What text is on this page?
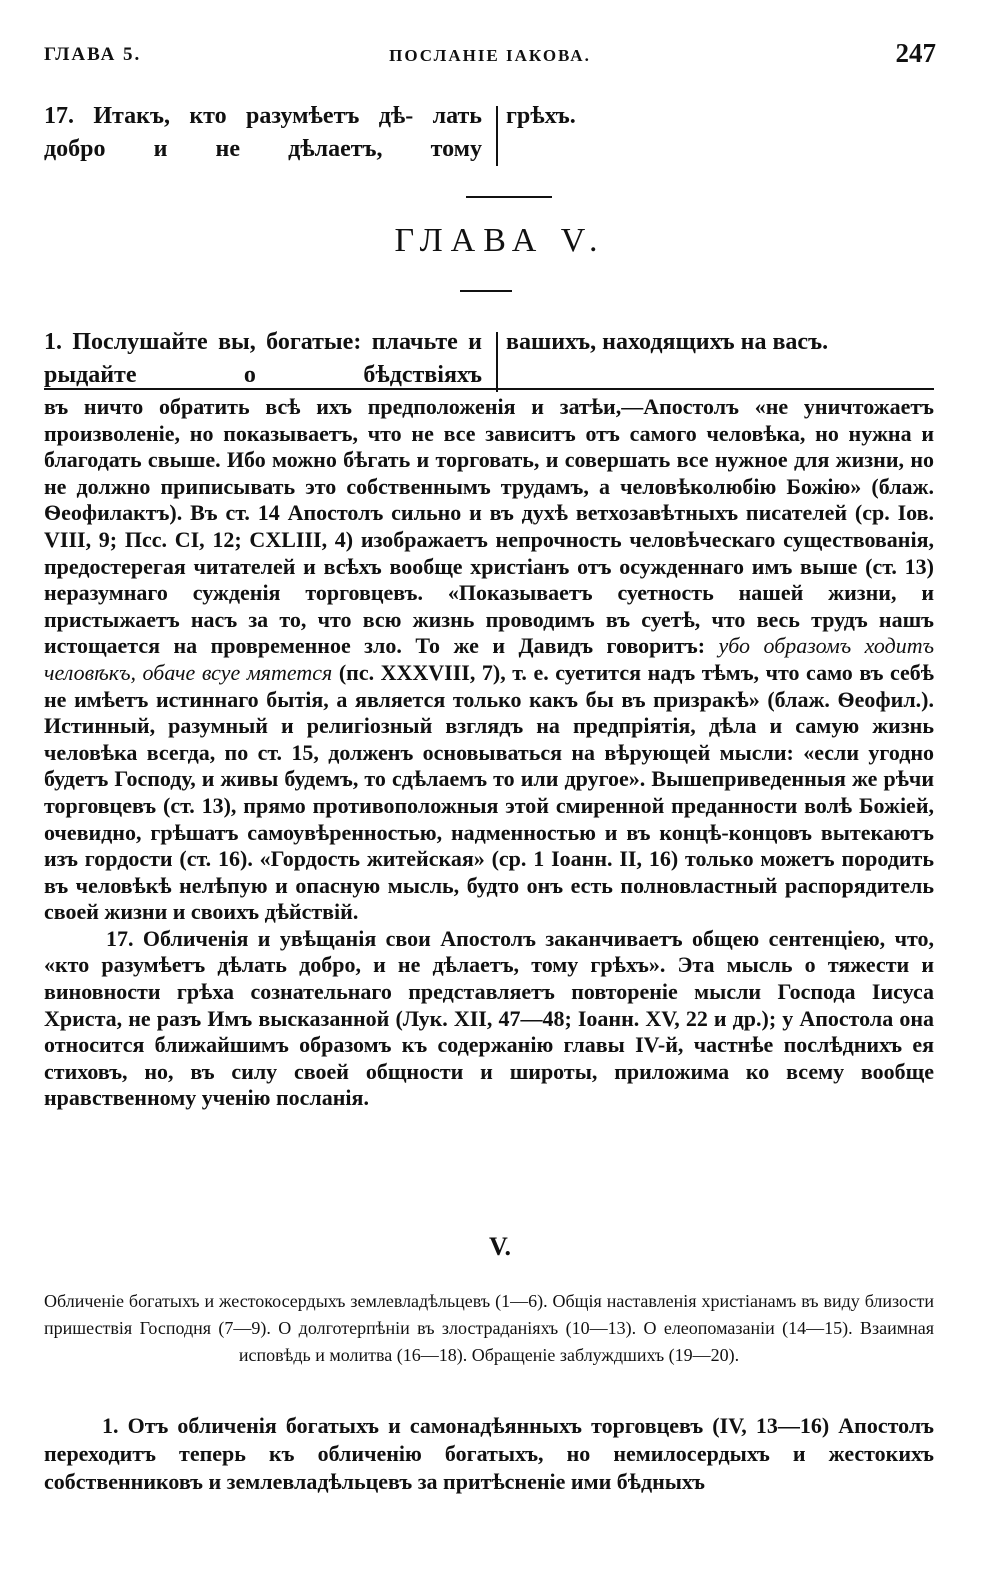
ГЛАВА 5.	ПОСЛАНІЕ ІАКОВА.	247
17. Итакъ, кто разумѣетъ дѣ- лать добро и не дѣлаетъ, тому
грѣхъ.
ГЛАВА V.
1. Послушайте вы, богатые: плачьте и рыдайте о бѣдствіяхъ
вашихъ, находящихъ на васъ.

въ ничто обратить всѣ ихъ предположенія и затѣи,—Апостолъ «не уничтожаетъ произволеніе, но показываетъ, что не все зависитъ отъ самого человѣка, но нужна и благодать свыше. Ибо можно бѣгать и торговать, и совершать все нужное для жизни, но не должно приписывать это собственнымъ трудамъ, а человѣколюбію Божію» (блаж. Ѳеофилактъ). Въ ст. 14 Апостолъ сильно и въ духѣ ветхозавѣтныхъ писателей (ср. Іов. VIII, 9; Псс. CI, 12; CXLIII, 4) изображаетъ непрочность человѣческаго существованія, предостерегая читателей и всѣхъ вообще христіанъ отъ осужденнаго имъ выше (ст. 13) неразумнаго сужденія торговцевъ. «Показываетъ суетность нашей жизни, и пристыжаетъ насъ за то, что всю жизнь проводимъ въ суетѣ, что весь трудъ нашъ истощается на провременное зло. То же и Давидъ говоритъ: убо образомъ ходитъ человѣкъ, обаче всуе мятется (пс. XXXVIII, 7), т. е. суетится надъ тѣмъ, что само въ себѣ не имѣетъ истиннаго бытія, а является только какъ бы въ призракѣ» (блаж. Ѳеофил.). Истинный, разумный и религіозный взглядъ на предпріятія, дѣла и самую жизнь человѣка всегда, по ст. 15, долженъ основываться на вѣрующей мысли: «если угодно будетъ Господу, и живы будемъ, то сдѣлаемъ то или другое». Вышеприведенныя же рѣчи торговцевъ (ст. 13), прямо противоположныя этой смиренной преданности волѣ Божіей, очевидно, грѣшатъ самоувѣренностью, надменностью и въ концѣ-концовъ вытекаютъ изъ гордости (ст. 16). «Гордость житейская» (ср. 1 Іоанн. II, 16) только можетъ породить въ человѣкѣ нелѣпую и опасную мысль, будто онъ есть полновластный распорядитель своей жизни и своихъ дѣйствій.

17. Обличенія и увѣщанія свои Апостолъ заканчиваетъ общею сентенціею, что, «кто разумѣетъ дѣлать добро, и не дѣлаетъ, тому грѣхъ». Эта мысль о тяжести и виновности грѣха сознательнаго представляетъ повтореніе мысли Господа Іисуса Христа, не разъ Имъ высказанной (Лук. XII, 47—48; Іоанн. XV, 22 и др.); у Апостола она относится ближайшимъ образомъ къ содержанію главы IV-й, частнѣе послѣднихъ ея стиховъ, но, въ силу своей общности и широты, приложима ко всему вообще нравственному ученію посланія.

V.
Обличеніе богатыхъ и жестокосердыхъ землевладѣльцевъ (1—6). Общія наставленія христіанамъ въ виду близости пришествія Господня (7—9). О долготерпѣніи въ злостраданіяхъ (10—13). О елеопомазаніи (14—15). Взаимная исповѣдь и молитва (16—18). Обращеніе заблуждшихъ (19—20).

1. Отъ обличенія богатыхъ и самонадѣянныхъ торговцевъ (IV, 13—16) Апостолъ переходитъ теперь къ обличенію богатыхъ, но немилосердыхъ и жестокихъ собственниковъ и землевладѣльцевъ за притѣсненіе ими бѣдныхъ
